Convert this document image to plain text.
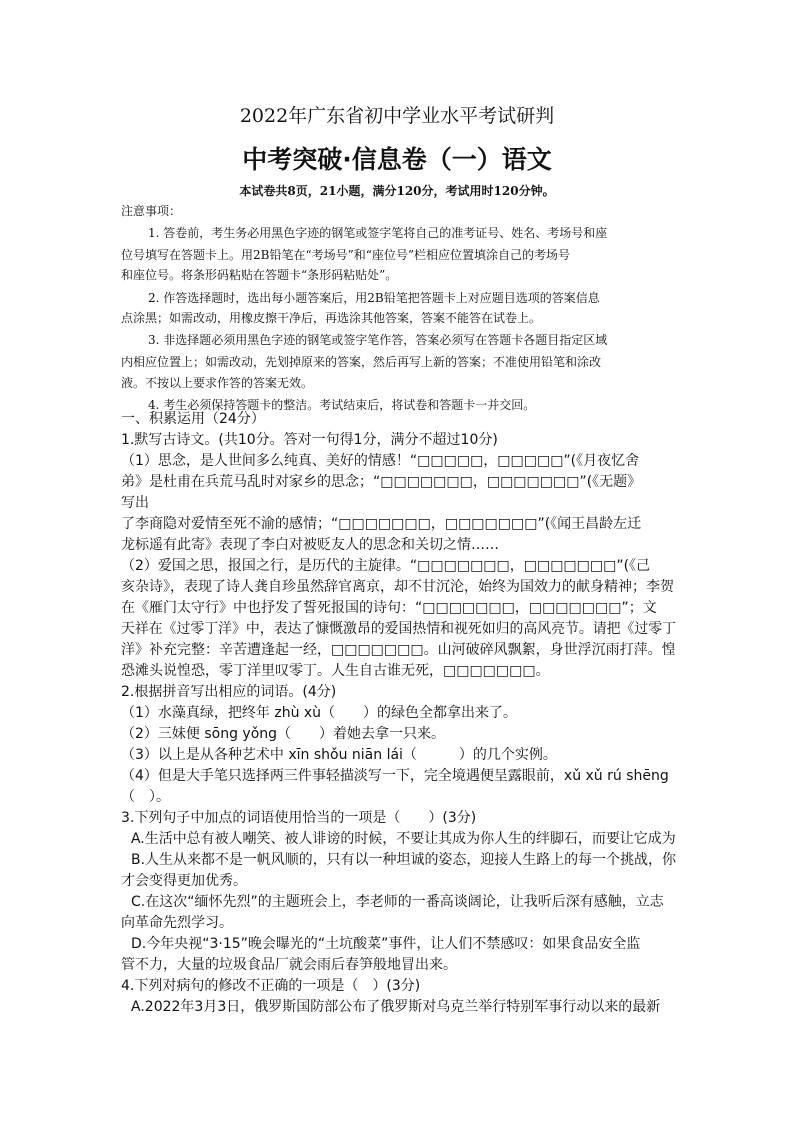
2022年广东省初中学业水平考试研判
中考突破·信息卷（一）语文
本试卷共8页，21小题，满分120分，考试用时120分钟。
注意事项：
1. 答卷前，考生务必用黑色字迹的钢笔或签字笔将自己的准考证号、姓名、考场号和座
位号填写在答题卡上。用2B铅笔在“考场号”和“座位号”栏相应位置填涂自己的考场号
和座位号。将条形码粘贴在答题卡“条形码粘贴处”。
2. 作答选择题时，选出每小题答案后，用2B铅笔把答题卡上对应题目选项的答案信息
点涂黑；如需改动，用橡皮擦干净后，再选涂其他答案，答案不能答在试卷上。
3. 非选择题必须用黑色字迹的钢笔或签字笔作答，答案必须写在答题卡各题目指定区域
内相应位置上；如需改动，先划掉原来的答案，然后再写上新的答案；不准使用铅笔和涂改
液。不按以上要求作答的答案无效。
4. 考生必须保持答题卡的整洁。考试结束后，将试卷和答题卡一并交回。
一、积累运用（24分）
1.默写古诗文。(共10分。答对一句得1分，满分不超过10分)
（1）思念，是人世间多么纯真、美好的情感！“□□□□□，□□□□□”(《月夜忆舍
弟》是杜甫在兵荒马乱时对家乡的思念；“□□□□□□□，□□□□□□□”(《无题》
写出
了李商隐对爱情至死不渝的感情；“□□□□□□□，□□□□□□□”(《闻王昌龄左迁
龙标遥有此寄》表现了李白对被贬友人的思念和关切之情……
（2）爱国之思，报国之行，是历代的主旋律。“□□□□□□□，□□□□□□□”(《己
亥杂诗》，表现了诗人龚自珍虽然辞官离京，却不甘沉沦，始终为国效力的献身精神；李贺
在《雁门太守行》中也抒发了誓死报国的诗句：“□□□□□□□，□□□□□□□”；文
天祥在《过零丁洋》中，表达了慷慨激昂的爱国热情和视死如归的高风亮节。请把《过零丁
洋》补充完整：辛苦遭逢起一经，□□□□□□□。山河破碎风飘絮，身世浮沉雨打萍。惶
恐滩头说惶恐，零丁洋里叹零丁。人生自古谁无死，□□□□□□□。
2.根据拼音写出相应的词语。(4分)
（1）水藻真绿，把终年 zhù xù（　　）的绿色全都拿出来了。
（2）三妹便 sōng yǒng（　　）着她去拿一只来。
（3）以上是从各种艺术中 xīn shǒu niān lái（　　　）的几个实例。
（4）但是大手笔只选择两三件事轻描淡写一下，完全境遇便呈露眼前，xǔ xǔ rú shēng
（　）。
3.下列句子中加点的词语使用恰当的一项是（　　）(3分)
A.生活中总有被人嘲笑、被人诽谤的时候，不要让其成为你人生的绊脚石，而要让它成为
B.人生从来都不是一帆风顺的，只有以一种坦诚的姿态，迎接人生路上的每一个挑战，你
才会变得更加优秀。
C.在这次“缅怀先烈”的主题班会上，李老师的一番高谈阔论，让我听后深有感触，立志
向革命先烈学习。
D.今年央视“3·15”晚会曝光的“土坑酸菜”事件，让人们不禁感叹：如果食品安全监
管不力，大量的垃圾食品厂就会雨后春笋般地冒出来。
4.下列对病句的修改不正确的一项是（　）(3分)
A.2022年3月3日，俄罗斯国防部公布了俄罗斯对乌克兰举行特别军事行动以来的最新
